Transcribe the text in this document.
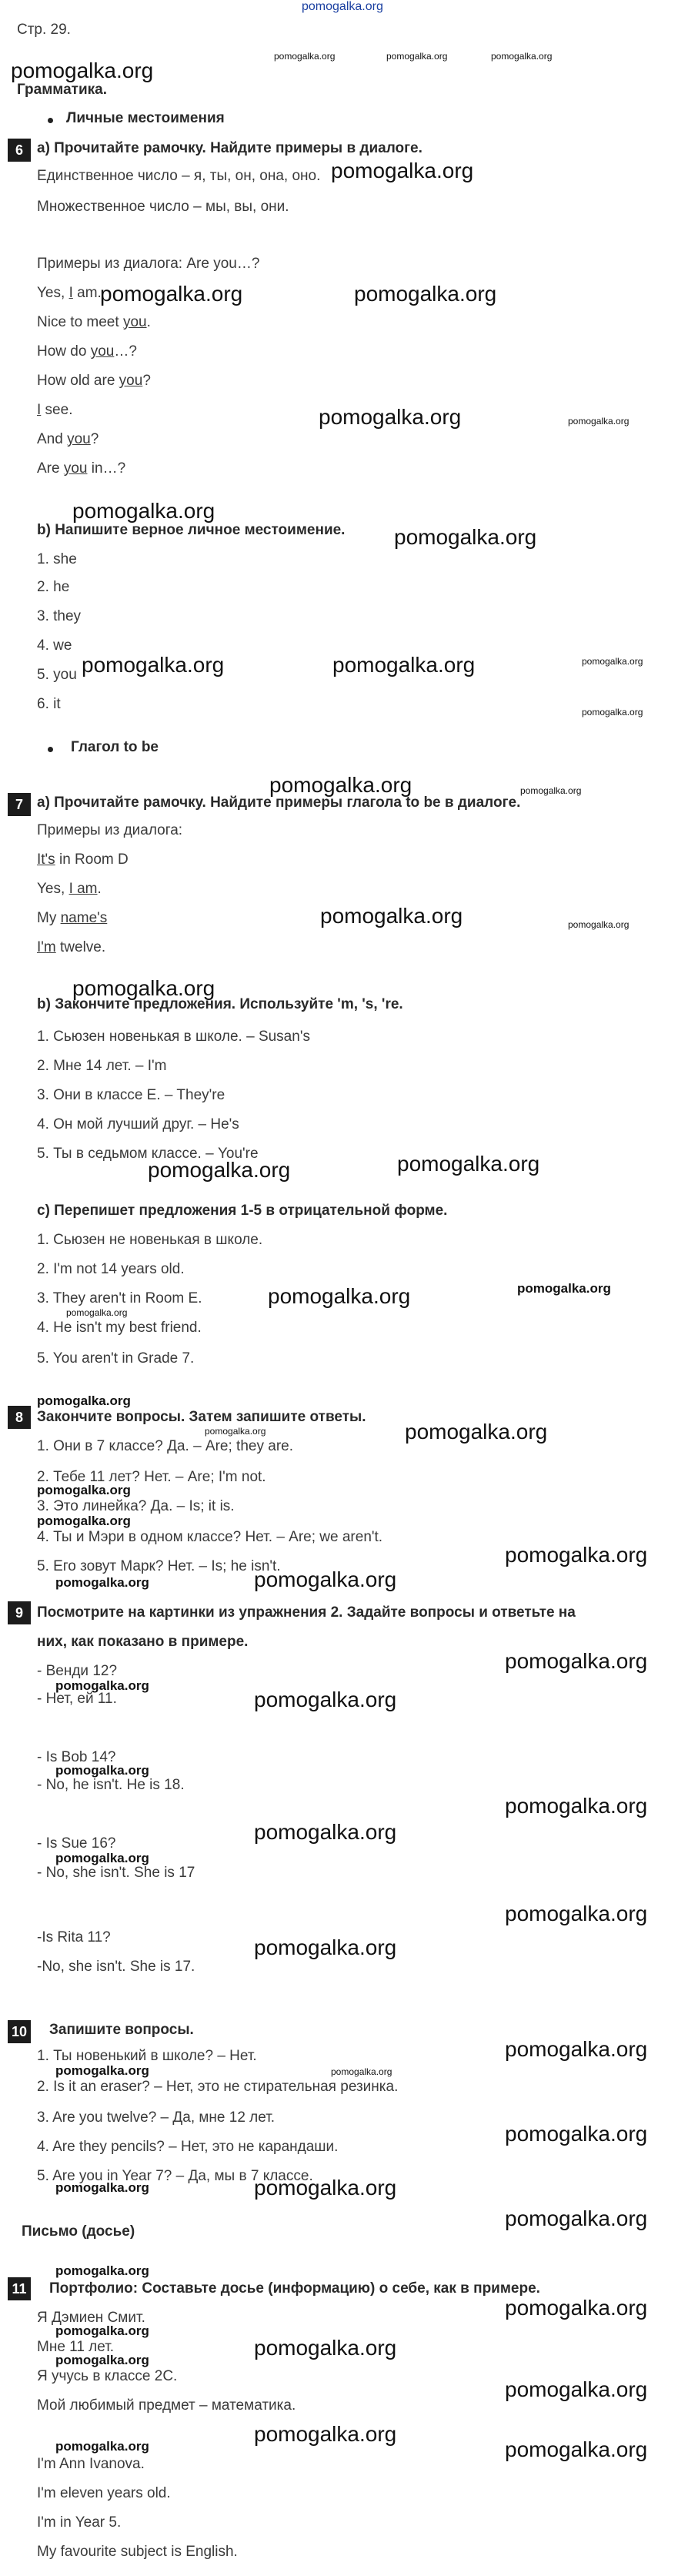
pomogalka.org
Стр. 29.
pomogalka.org	pomogalka.org	pomogalka.org
pomogalka.org
Грамматика.
Личные местоимения
6 а) Прочитайте рамочку. Найдите примеры в диалоге.
Единственное число – я, ты, он, она, оно. pomogalka.org
Множественное число – мы, вы, они.
Примеры из диалога: Are you…?
Yes, I am.
pomogalka.org	pomogalka.org
Nice to meet you.
How do you…?
How old are you?
I see.	pomogalka.org	pomogalka.org
And you?
Are you in…?
pomogalka.org
b) Напишите верное личное местоимение. pomogalka.org
1. she
2. he
3. they
4. we
5. you pomogalka.org	pomogalka.org	pomogalka.org
6. it	pomogalka.org
Глагол to be
pomogalka.org	pomogalka.org
7 а) Прочитайте рамочку. Найдите примеры глагола to be в диалоге.
Примеры из диалога:
It's in Room D
Yes, I am.
My name's	pomogalka.org	pomogalka.org
I'm twelve.
pomogalka.org
b) Закончите предложения. Используйте 'm, 's, 're.
1. Сьюзен новенькая в школе. – Susan's
2. Мне 14 лет. – I'm
3. Они в классе E. – They're
4. Он мой лучший друг. – He's
5. Ты в седьмом классе. – You're
pomogalka.org	pomogalka.org
c) Перепишет предложения 1-5 в отрицательной форме.
1. Сьюзен не новенькая в школе.
2. I'm not 14 years old.
3. They aren't in Room E.	pomogalka.org	pomogalka.org
pomogalka.org
4. He isn't my best friend.
5. You aren't in Grade 7.
pomogalka.org
8 Закончите вопросы. Затем запишите ответы.
1. Они в 7 классе? Да. – Are; they are.
pomogalka.org	pomogalka.org
2. Тебе 11 лет? Нет. – Are; I'm not.
pomogalka.org
3. Это линейка? Да. – Is; it is.
pomogalka.org
4. Ты и Мэри в одном классе? Нет. – Are; we aren't.
pomogalka.org
5. Его зовут Марк? Нет. – Is; he isn't.
pomogalka.org	pomogalka.org
9 Посмотрите на картинки из упражнения 2. Задайте вопросы и ответьте на
них, как показано в примере.
pomogalka.org
- Венди 12?
pomogalka.org
- Нет, ей 11.	pomogalka.org
- Is Bob 14?
pomogalka.org
- No, he isn't. He is 18.
pomogalka.org
pomogalka.org
- Is Sue 16?
pomogalka.org
- No, she isn't. She is 17
pomogalka.org
-Is Rita 11?	pomogalka.org
-No, she isn't. She is 17.
10 Запишите вопросы.
pomogalka.org
1. Ты новенький в школе? – Нет.
pomogalka.org	pomogalka.org
2. Is it an eraser? – Нет, это не стирательная резинка.
3. Are you twelve? – Да, мне 12 лет.
pomogalka.org
4. Are they pencils? – Нет, это не карандаши.
5. Are you in Year 7? – Да, мы в 7 классе.
pomogalka.org	pomogalka.org
pomogalka.org
Письмо (досье)
pomogalka.org
11 Портфолио: Составьте досье (информацию) о себе, как в примере.
pomogalka.org
Я Дэмиен Смит.
pomogalka.org
Мне 11 лет.	pomogalka.org
pomogalka.org
Я учусь в классе 2С.
pomogalka.org
Мой любимый предмет – математика.
pomogalka.org
pomogalka.org
pomogalka.org
I'm Ann Ivanova.
I'm eleven years old.
I'm in Year 5.
My favourite subject is English.
